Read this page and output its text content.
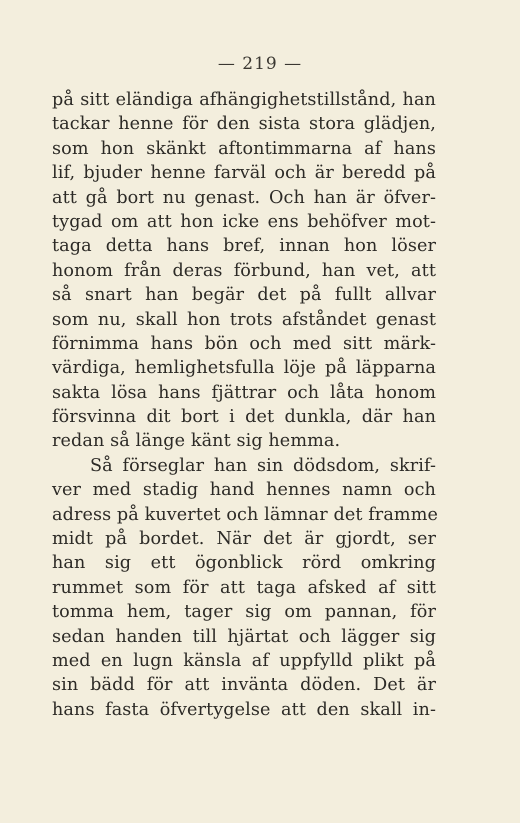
— 219 —
på sitt eländiga afhängighetstillstånd, han
tackar henne för den sista stora glädjen,
som hon skänkt aftontimmarna af hans
lif, bjuder henne farväl och är beredd på
att gå bort nu genast. Och han är öfver-
tygad om att hon icke ens behöfver mot-
taga detta hans bref, innan hon löser
honom från deras förbund, han vet, att
så snart han begär det på fullt allvar
som nu, skall hon trots afståndet genast
förnimma hans bön och med sitt märk-
värdiga, hemlighetsfulla löje på läpparna
sakta lösa hans fjättrar och låta honom
försvinna dit bort i det dunkla, där han
redan så länge känt sig hemma.
Så förseglar han sin dödsdom, skrif-
ver med stadig hand hennes namn och
adress på kuvertet och lämnar det framme
midt på bordet. När det är gjordt, ser
han sig ett ögonblick rörd omkring
rummet som för att taga afsked af sitt
tomma hem, tager sig om pannan, för
sedan handen till hjärtat och lägger sig
med en lugn känsla af uppfylld plikt på
sin bädd för att invänta döden. Det är
hans fasta öfvertygelse att den skall in-
